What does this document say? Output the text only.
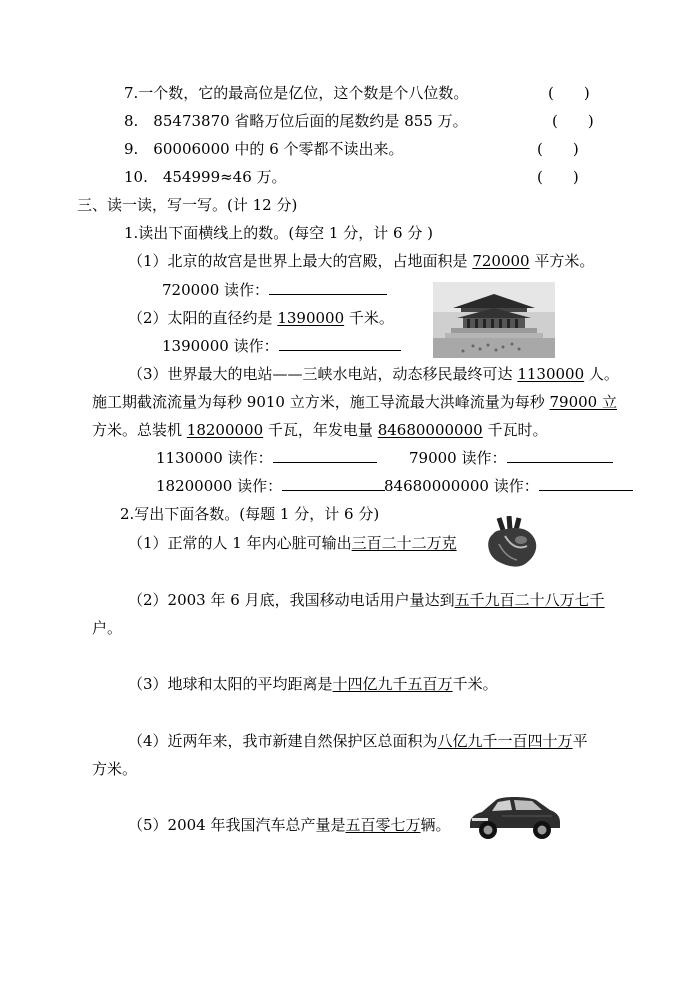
7.一个数，它的最高位是亿位，这个数是个八位数。	(　　)
8.　85473870 省略万位后面的尾数约是 855 万。	(　　)
9.　60006000 中的 6 个零都不读出来。	(　　)
10.　454999≈46 万。	(　　)
三、读一读，写一写。(计 12 分)
1.读出下面横线上的数。(每空 1 分，计 6 分 )
（1）北京的故宫是世界上最大的宫殿，占地面积是 720000 平方米。
720000 读作：
（2）太阳的直径约是 1390000 千米。
1390000 读作：
（3）世界最大的电站——三峡水电站，动态移民最终可达 1130000 人。
施工期截流流量为每秒 9010 立方米，施工导流最大洪峰流量为每秒 79000 立
方米。总装机 18200000 千瓦，年发电量 84680000000 千瓦时。
1130000 读作：	79000 读作：
18200000 读作：	84680000000 读作：
2.写出下面各数。(每题 1 分，计 6 分)
（1）正常的人 1 年内心脏可输出三百二十二万克
（2）2003 年 6 月底，我国移动电话用户量达到五千九百二十八万七千
户。
（3）地球和太阳的平均距离是十四亿九千五百万千米。
（4）近两年来，我市新建自然保护区总面积为八亿九千一百四十万平
方米。
（5）2004 年我国汽车总产量是五百零七万辆。
